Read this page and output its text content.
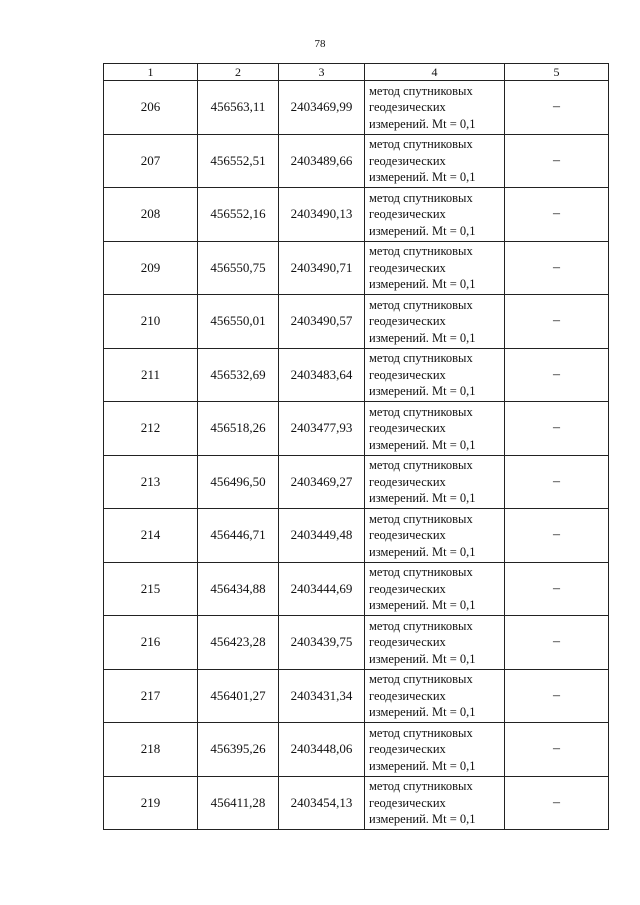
78
1	2	3	4	5
206	456563,11	2403469,99	метод спутниковых
геодезических
измерений. Mt = 0,1	–
207	456552,51	2403489,66	метод спутниковых
геодезических
измерений. Mt = 0,1	–
208	456552,16	2403490,13	метод спутниковых
геодезических
измерений. Mt = 0,1	–
209	456550,75	2403490,71	метод спутниковых
геодезических
измерений. Mt = 0,1	–
210	456550,01	2403490,57	метод спутниковых
геодезических
измерений. Mt = 0,1	–
211	456532,69	2403483,64	метод спутниковых
геодезических
измерений. Mt = 0,1	–
212	456518,26	2403477,93	метод спутниковых
геодезических
измерений. Mt = 0,1	–
213	456496,50	2403469,27	метод спутниковых
геодезических
измерений. Mt = 0,1	–
214	456446,71	2403449,48	метод спутниковых
геодезических
измерений. Mt = 0,1	–
215	456434,88	2403444,69	метод спутниковых
геодезических
измерений. Mt = 0,1	–
216	456423,28	2403439,75	метод спутниковых
геодезических
измерений. Mt = 0,1	–
217	456401,27	2403431,34	метод спутниковых
геодезических
измерений. Mt = 0,1	–
218	456395,26	2403448,06	метод спутниковых
геодезических
измерений. Mt = 0,1	–
219	456411,28	2403454,13	метод спутниковых
геодезических
измерений. Mt = 0,1	–
